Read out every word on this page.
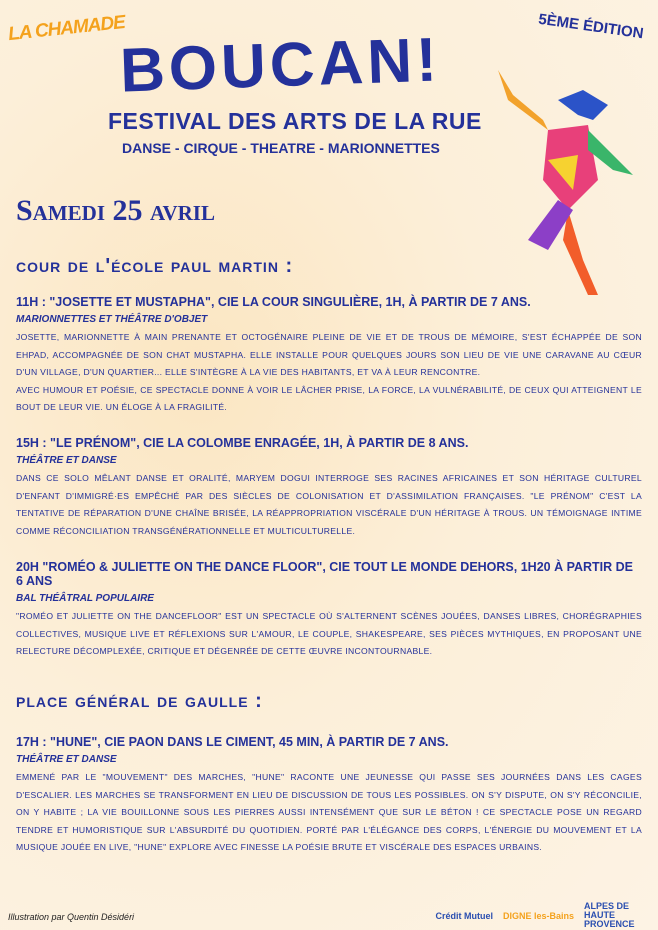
LA CHAMADE	5ÈME ÉDITION
BOUCAN!
FESTIVAL DES ARTS DE LA RUE
DANSE - CIRQUE - THEATRE - MARIONNETTES
Samedi 25 avril
cour de l'école paul martin :
11H : "JOSETTE ET MUSTAPHA", CIE LA COUR SINGULIÈRE, 1H, À PARTIR DE 7 ANS.
MARIONNETTES ET THÉÂTRE D'OBJET

JOSETTE, MARIONNETTE À MAIN PRENANTE ET OCTOGÉNAIRE PLEINE DE VIE ET DE TROUS DE MÉMOIRE, S'EST ÉCHAPPÉE DE SON EHPAD, ACCOMPAGNÉE DE SON CHAT MUSTAPHA. ELLE INSTALLE POUR QUELQUES JOURS SON LIEU DE VIE UNE CARAVANE AU CŒUR D'UN VILLAGE, D'UN QUARTIER... ELLE S'INTÈGRE À LA VIE DES HABITANTS, ET VA À LEUR RENCONTRE.

AVEC HUMOUR ET POÉSIE, CE SPECTACLE DONNE À VOIR LE LÂCHER PRISE, LA FORCE, LA VULNÉRABILITÉ, DE CEUX QUI ATTEIGNENT LE BOUT DE LEUR VIE. UN ÉLOGE À LA FRAGILITÉ.

15H : "LE PRÉNOM", CIE LA COLOMBE ENRAGÉE, 1H, À PARTIR DE 8 ANS.
THÉÂTRE ET DANSE

DANS CE SOLO MÊLANT DANSE ET ORALITÉ, MARYEM DOGUI INTERROGE SES RACINES AFRICAINES ET SON HÉRITAGE CULTUREL D'ENFANT D'IMMIGRÉ·ES EMPÊCHÉ PAR DES SIÈCLES DE COLONISATION ET D'ASSIMILATION FRANÇAISES. "LE PRÉNOM" C'EST LA TENTATIVE DE RÉPARATION D'UNE CHAÎNE BRISÉE, LA RÉAPPROPRIATION VISCÉRALE D'UN HÉRITAGE À TROUS. UN TÉMOIGNAGE INTIME COMME RÉCONCILIATION TRANSGÉNÉRATIONNELLE ET MULTICULTURELLE.

20H "ROMÉO & JULIETTE ON THE DANCE FLOOR", CIE TOUT LE MONDE DEHORS, 1H20 À PARTIR DE 6 ANS
BAL THÉÂTRAL POPULAIRE

"ROMÉO ET JULIETTE ON THE DANCEFLOOR" EST UN SPECTACLE OÙ S'ALTERNENT SCÈNES JOUÉES, DANSES LIBRES, CHORÉGRAPHIES COLLECTIVES, MUSIQUE LIVE ET RÉFLEXIONS SUR L'AMOUR, LE COUPLE, SHAKESPEARE, SES PIÈCES MYTHIQUES, EN PROPOSANT UNE RELECTURE DÉCOMPLEXÉE, CRITIQUE ET DÉGENRÉE DE CETTE ŒUVRE INCONTOURNABLE.

place général de gaulle :
17H : "HUNE", CIE PAON DANS LE CIMENT, 45 MIN, À PARTIR DE 7 ANS.
THÉÂTRE ET DANSE

EMMENÉ PAR LE "MOUVEMENT" DES MARCHES, "HUNE" RACONTE UNE JEUNESSE QUI PASSE SES JOURNÉES DANS LES CAGES D'ESCALIER. LES MARCHES SE TRANSFORMENT EN LIEU DE DISCUSSION DE TOUS LES POSSIBLES. ON S'Y DISPUTE, ON S'Y RÉCONCILIE, ON Y HABITE ; LA VIE BOUILLONNE SOUS LES PIERRES AUSSI INTENSÉMENT QUE SUR LE BÉTON ! CE SPECTACLE POSE UN REGARD TENDRE ET HUMORISTIQUE SUR L'ABSURDITÉ DU QUOTIDIEN. PORTÉ PAR L'ÉLÉGANCE DES CORPS, L'ÉNERGIE DU MOUVEMENT ET LA MUSIQUE JOUÉE EN LIVE, "HUNE" EXPLORE AVEC FINESSE LA POÉSIE BRUTE ET VISCÉRALE DES ESPACES URBAINS.

Illustration par Quentin Désidéri	Crédit Mutuel DIGNE les-Bains
ALPES DE HAUTE PROVENCE
